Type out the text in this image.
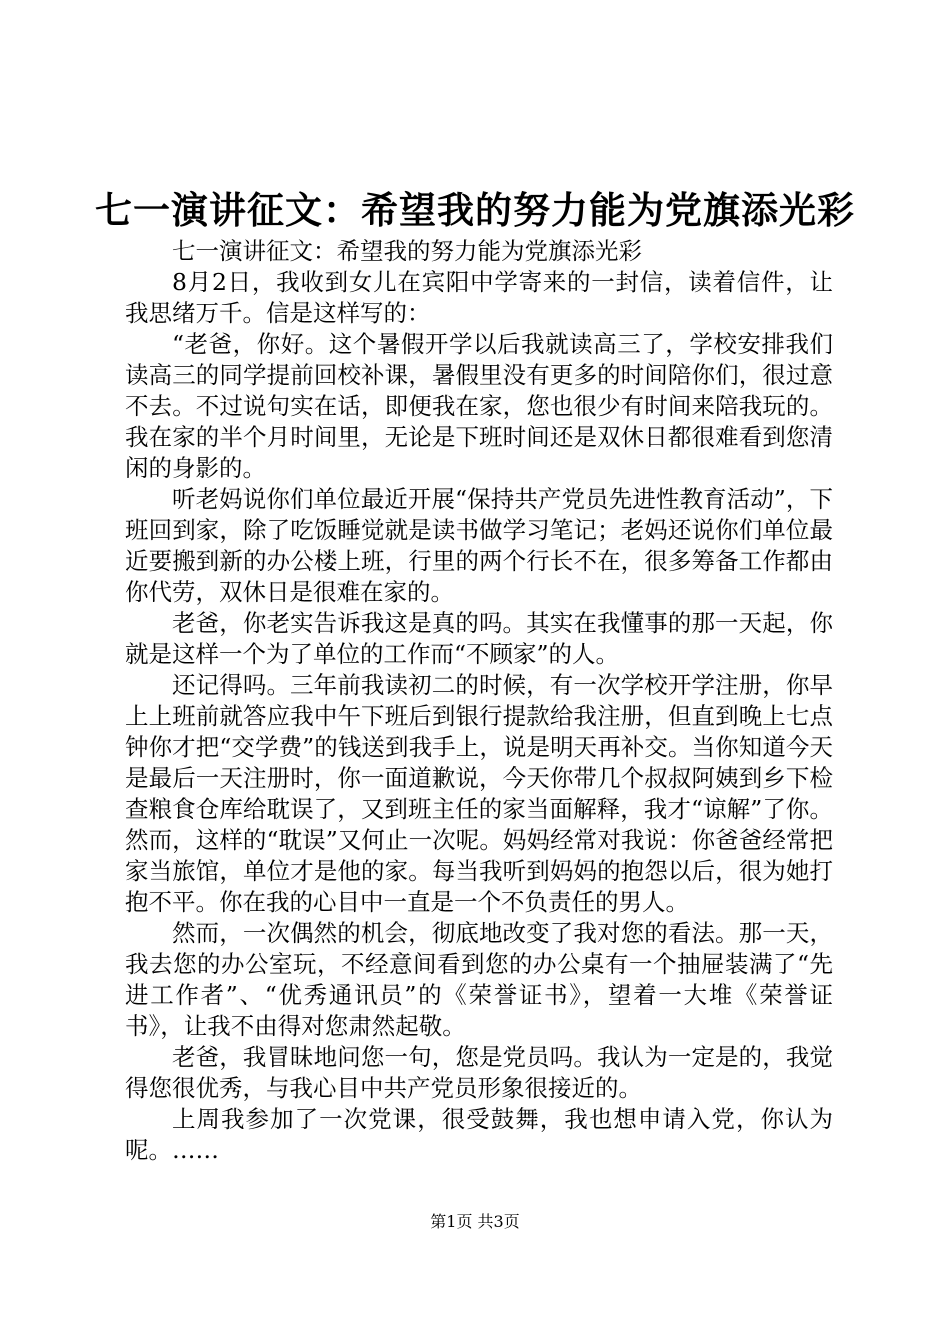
七一演讲征文：希望我的努力能为党旗添光彩

七一演讲征文：希望我的努力能为党旗添光彩

8月2日，我收到女儿在宾阳中学寄来的一封信，读着信件，让我思绪万千。信是这样写的：

“老爸，你好。这个暑假开学以后我就读高三了，学校安排我们读高三的同学提前回校补课，暑假里没有更多的时间陪你们，很过意不去。不过说句实在话，即便我在家，您也很少有时间来陪我玩的。我在家的半个月时间里，无论是下班时间还是双休日都很难看到您清闲的身影的。

听老妈说你们单位最近开展“保持共产党员先进性教育活动”，下班回到家，除了吃饭睡觉就是读书做学习笔记；老妈还说你们单位最近要搬到新的办公楼上班，行里的两个行长不在，很多筹备工作都由你代劳，双休日是很难在家的。

老爸，你老实告诉我这是真的吗。其实在我懂事的那一天起，你就是这样一个为了单位的工作而“不顾家”的人。

还记得吗。三年前我读初二的时候，有一次学校开学注册，你早上上班前就答应我中午下班后到银行提款给我注册，但直到晚上七点钟你才把“交学费”的钱送到我手上，说是明天再补交。当你知道今天是最后一天注册时，你一面道歉说，今天你带几个叔叔阿姨到乡下检查粮食仓库给耽误了，又到班主任的家当面解释，我才“谅解”了你。然而，这样的“耽误”又何止一次呢。妈妈经常对我说：你爸爸经常把家当旅馆，单位才是他的家。每当我听到妈妈的抱怨以后，很为她打抱不平。你在我的心目中一直是一个不负责任的男人。

然而，一次偶然的机会，彻底地改变了我对您的看法。那一天，我去您的办公室玩，不经意间看到您的办公桌有一个抽屉装满了“先进工作者”、“优秀通讯员”的《荣誉证书》，望着一大堆《荣誉证书》，让我不由得对您肃然起敬。

老爸，我冒昧地问您一句，您是党员吗。我认为一定是的，我觉得您很优秀，与我心目中共产党员形象很接近的。

上周我参加了一次党课，很受鼓舞，我也想申请入党，你认为呢。……

第1页 共3页
